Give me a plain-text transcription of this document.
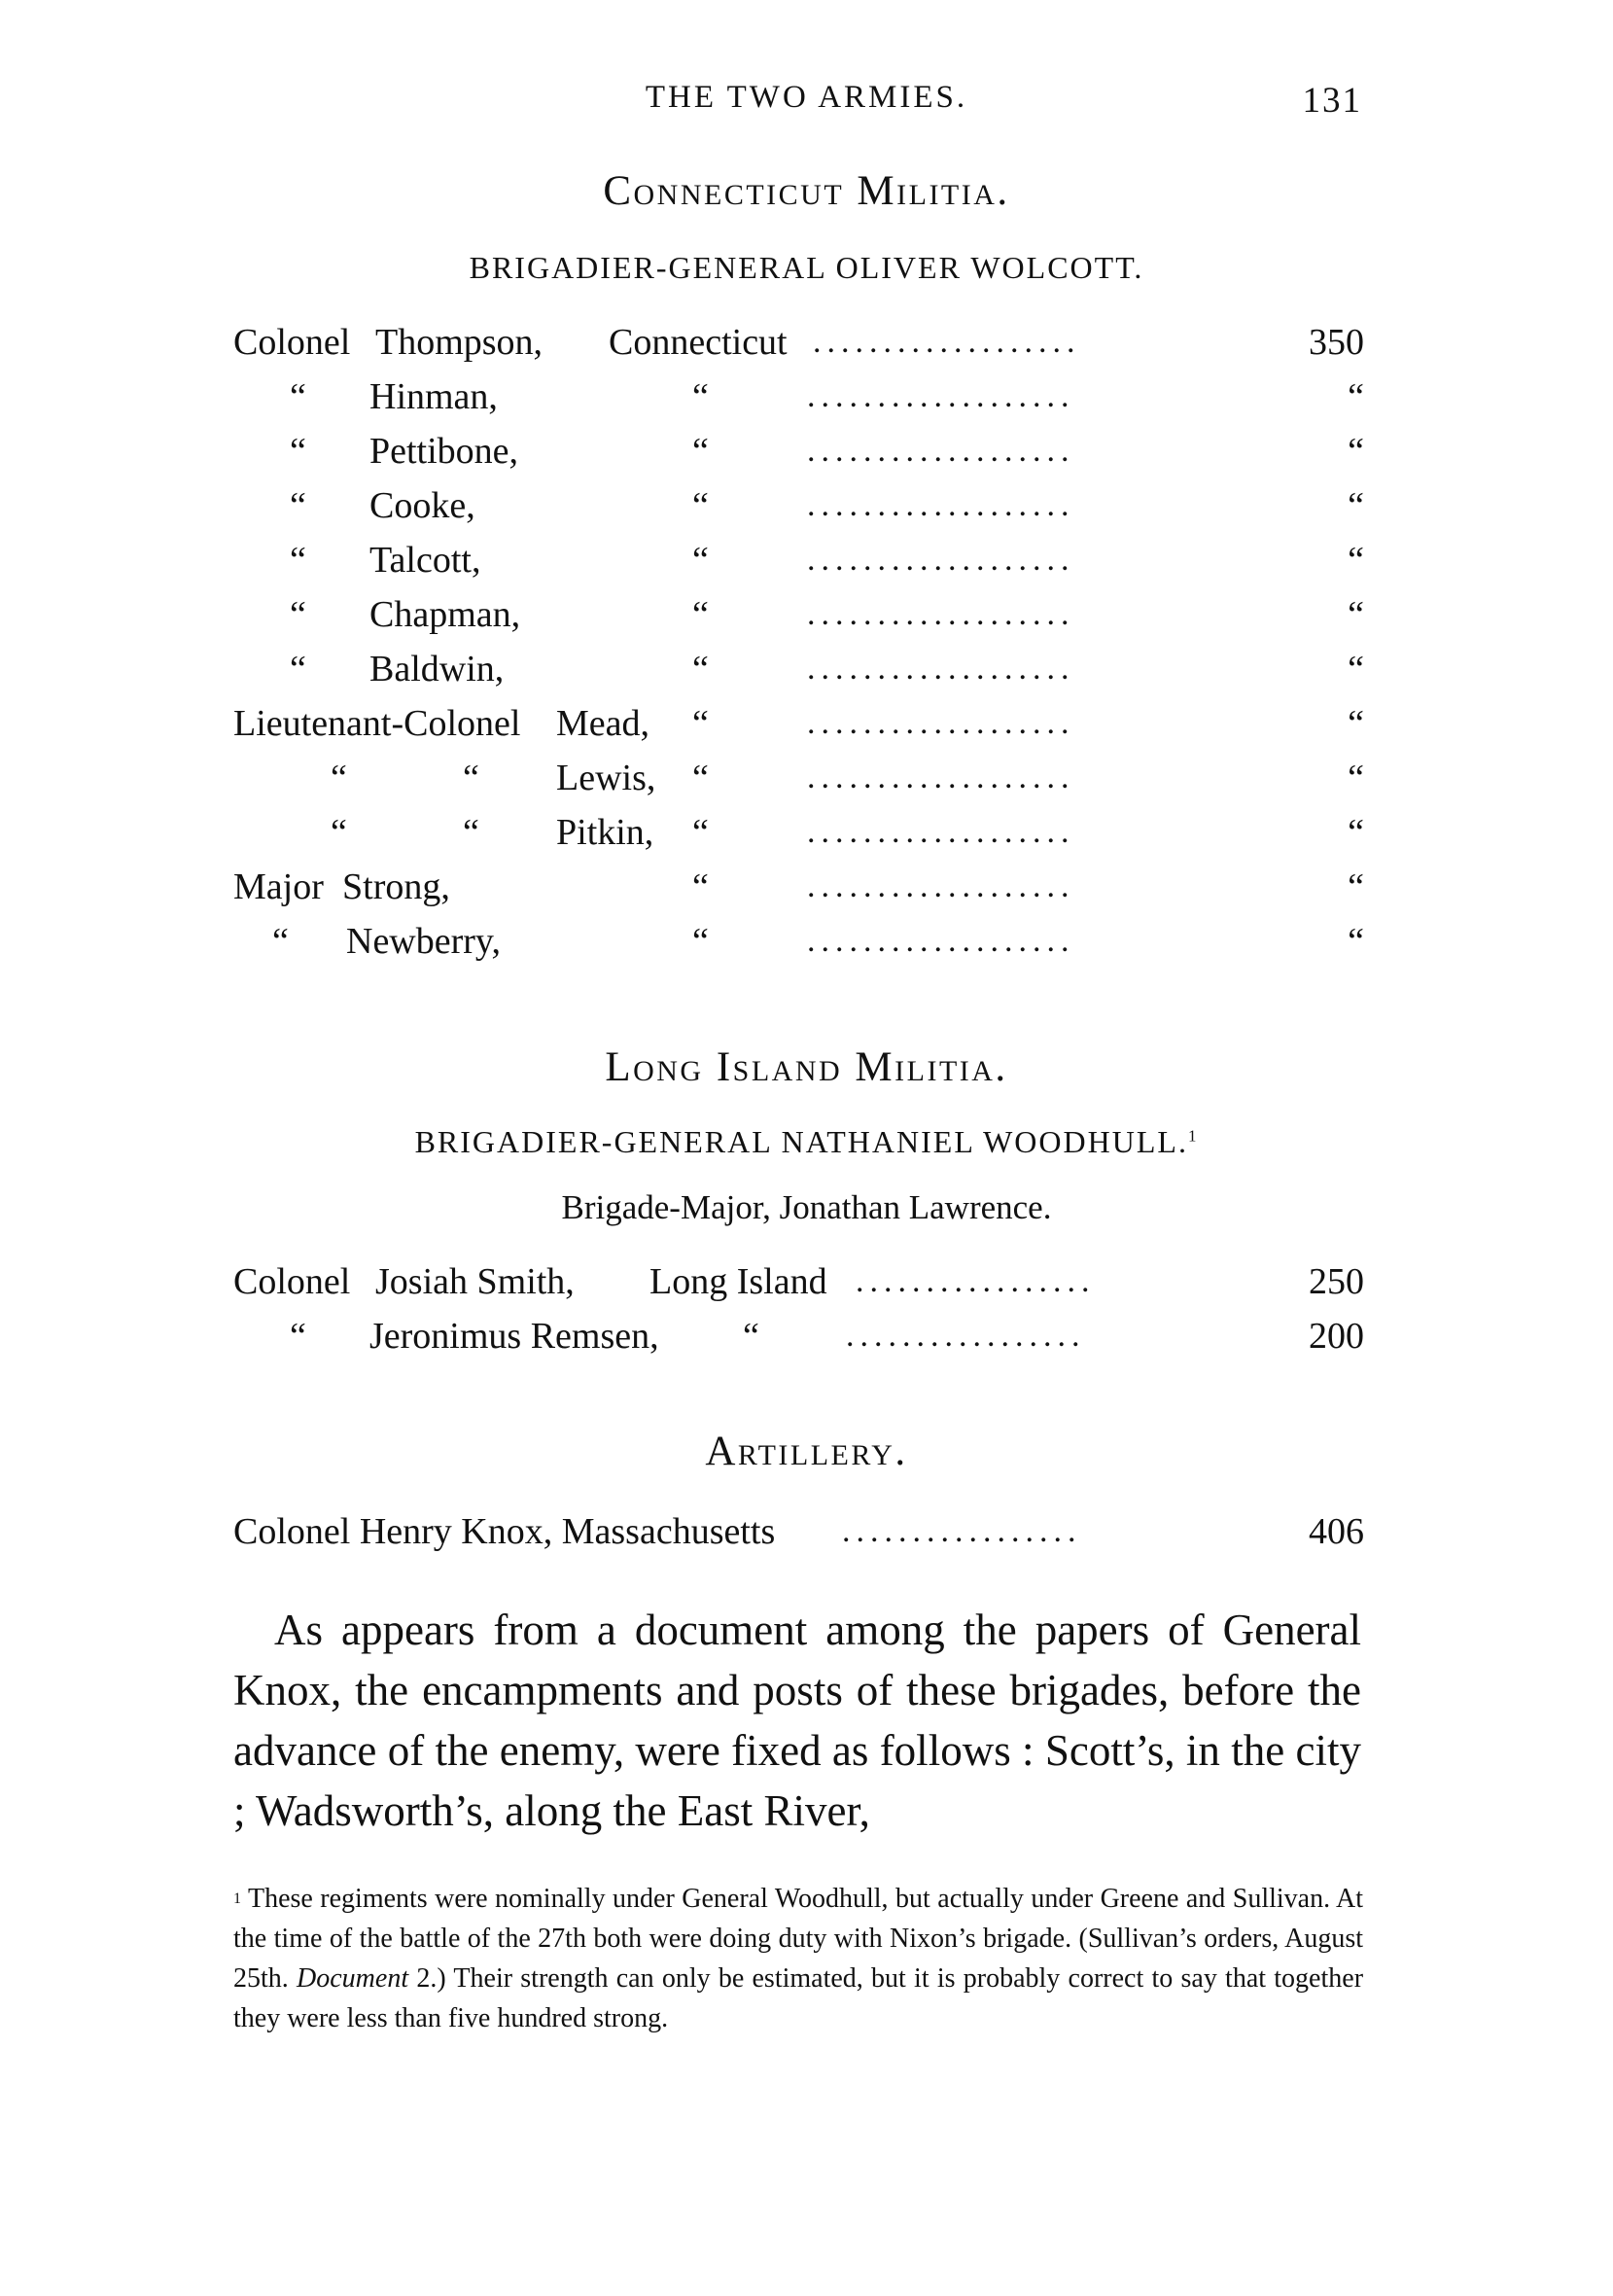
THE TWO ARMIES.	131
Connecticut Militia.
BRIGADIER-GENERAL OLIVER WOLCOTT.
Colonel Thompson, Connecticut ...................	350
“ Hinman,	“	...................	“
“ Pettibone,	“	...................	“
“ Cooke,	“	...................	“
“ Talcott,	“	...................	“
“ Chapman,	“	...................	“
“ Baldwin,	“	...................	“
Lieutenant-Colonel Mead, “	...................	“
“	“ Lewis, “	...................	“
“	“ Pitkin, “	...................	“
Major Strong,	“	...................	“
“ Newberry,	“	...................	“
Long Island Militia.
BRIGADIER-GENERAL NATHANIEL WOODHULL.$^1$
Brigade-Major, Jonathan Lawrence.
Colonel Josiah Smith, Long Island .................	250
“ Jeronimus Remsen, “	.................	200
Artillery.
Colonel Henry Knox, Massachusetts .................	406

As appears from a document among the papers of General Knox, the encampments and posts of these brigades, before the advance of the enemy, were fixed as follows : Scott’s, in the city ; Wadsworth’s, along the East River,

$^1$ These regiments were nominally under General Woodhull, but actually under Greene and Sullivan. At the time of the battle of the 27th both were doing duty with Nixon’s brigade. (Sullivan’s orders, August 25th. Document 2.) Their strength can only be estimated, but it is probably correct to say that together they were less than five hundred strong.
